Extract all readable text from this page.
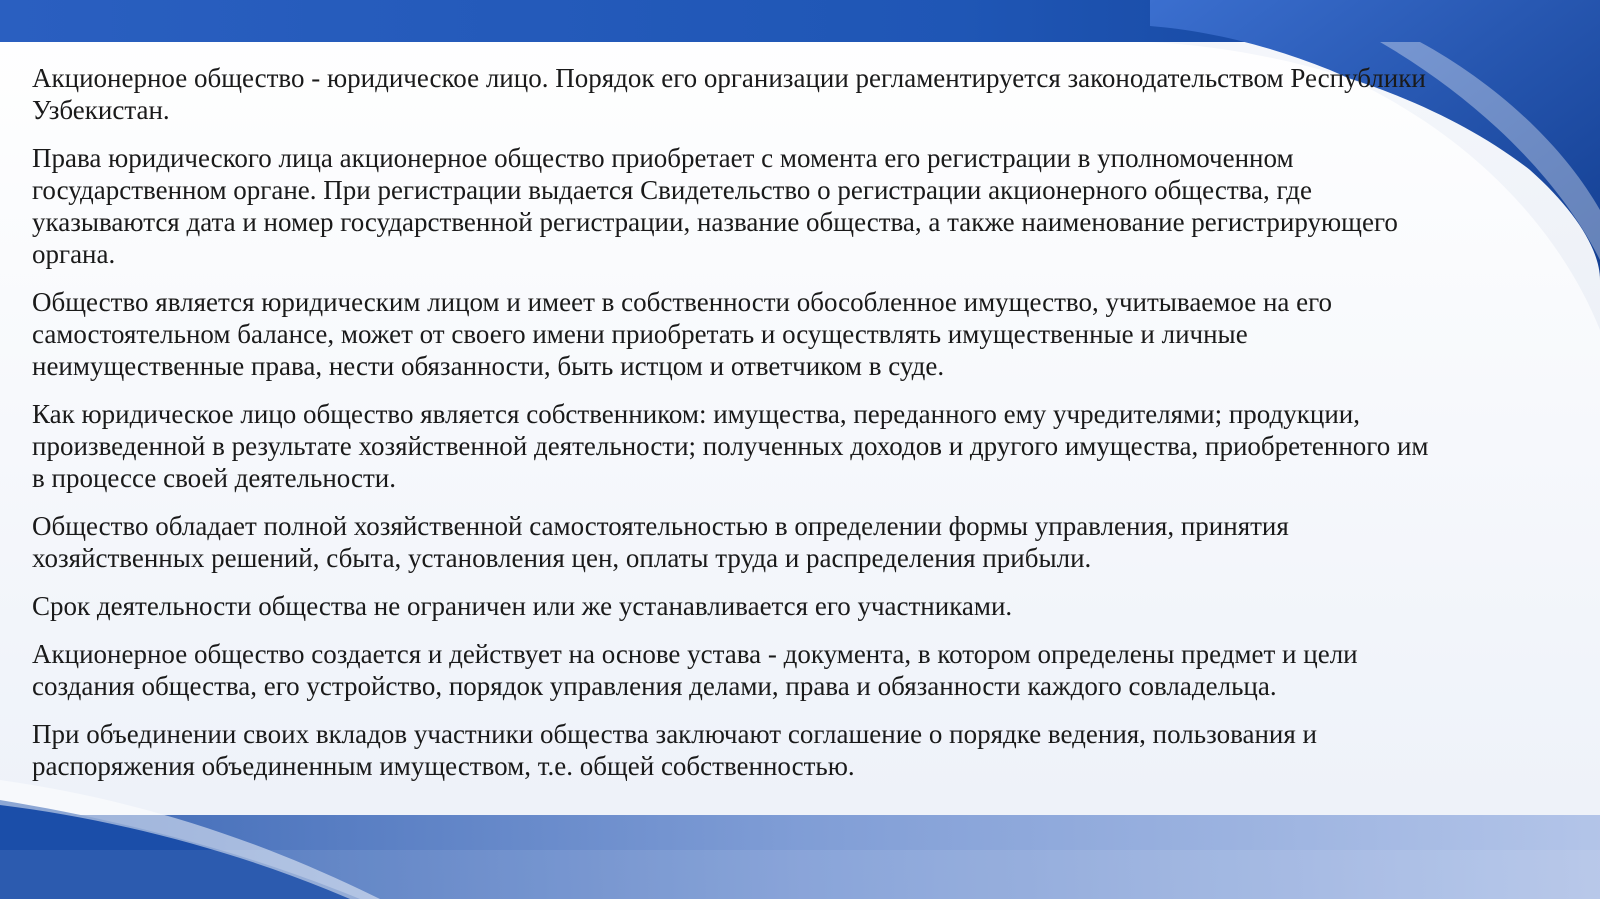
Акционерное общество - юридическое лицо. Порядок его организации регламентируется законодательством Республики Узбекистан.

Права юридического лица акционерное общество приобретает с момента его регистрации в уполномоченном государственном органе. При регистрации выдается Свидетельство о регистрации акционерного общества, где указываются дата и номер государственной регистрации, название общества, а также наименование регистрирующего органа.

Общество является юридическим лицом и имеет в собственности обособленное имущество, учитываемое на его самостоятельном балансе, может от своего имени приобретать и осуществлять имущественные и личные неимущественные права, нести обязанности, быть истцом и ответчиком в суде.

Как юридическое лицо общество является собственником: имущества, переданного ему учредителями; продукции, произведенной в результате хозяйственной деятельности; полученных доходов и другого имущества, приобретенного им в процессе своей деятельности.

Общество обладает полной хозяйственной самостоятельностью в определении формы управления, принятия хозяйственных решений, сбыта, установления цен, оплаты труда и распределения прибыли.

Срок деятельности общества не ограничен или же устанавливается его участниками.

Акционерное общество создается и действует на основе устава - документа, в котором определены предмет и цели создания общества, его устройство, порядок управления делами, права и обязанности каждого совладельца.

При объединении своих вкладов участники общества заключают соглашение о порядке ведения, пользования и распоряжения объединенным имуществом, т.е. общей собственностью.
